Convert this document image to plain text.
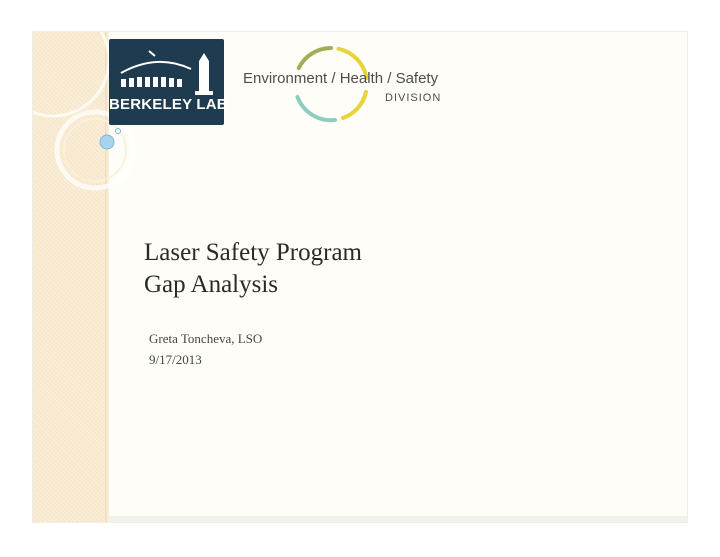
BERKELEY LAB
Environment / Health / Safety
DIVISION
Laser Safety Program
Gap Analysis
Greta Toncheva, LSO
9/17/2013
